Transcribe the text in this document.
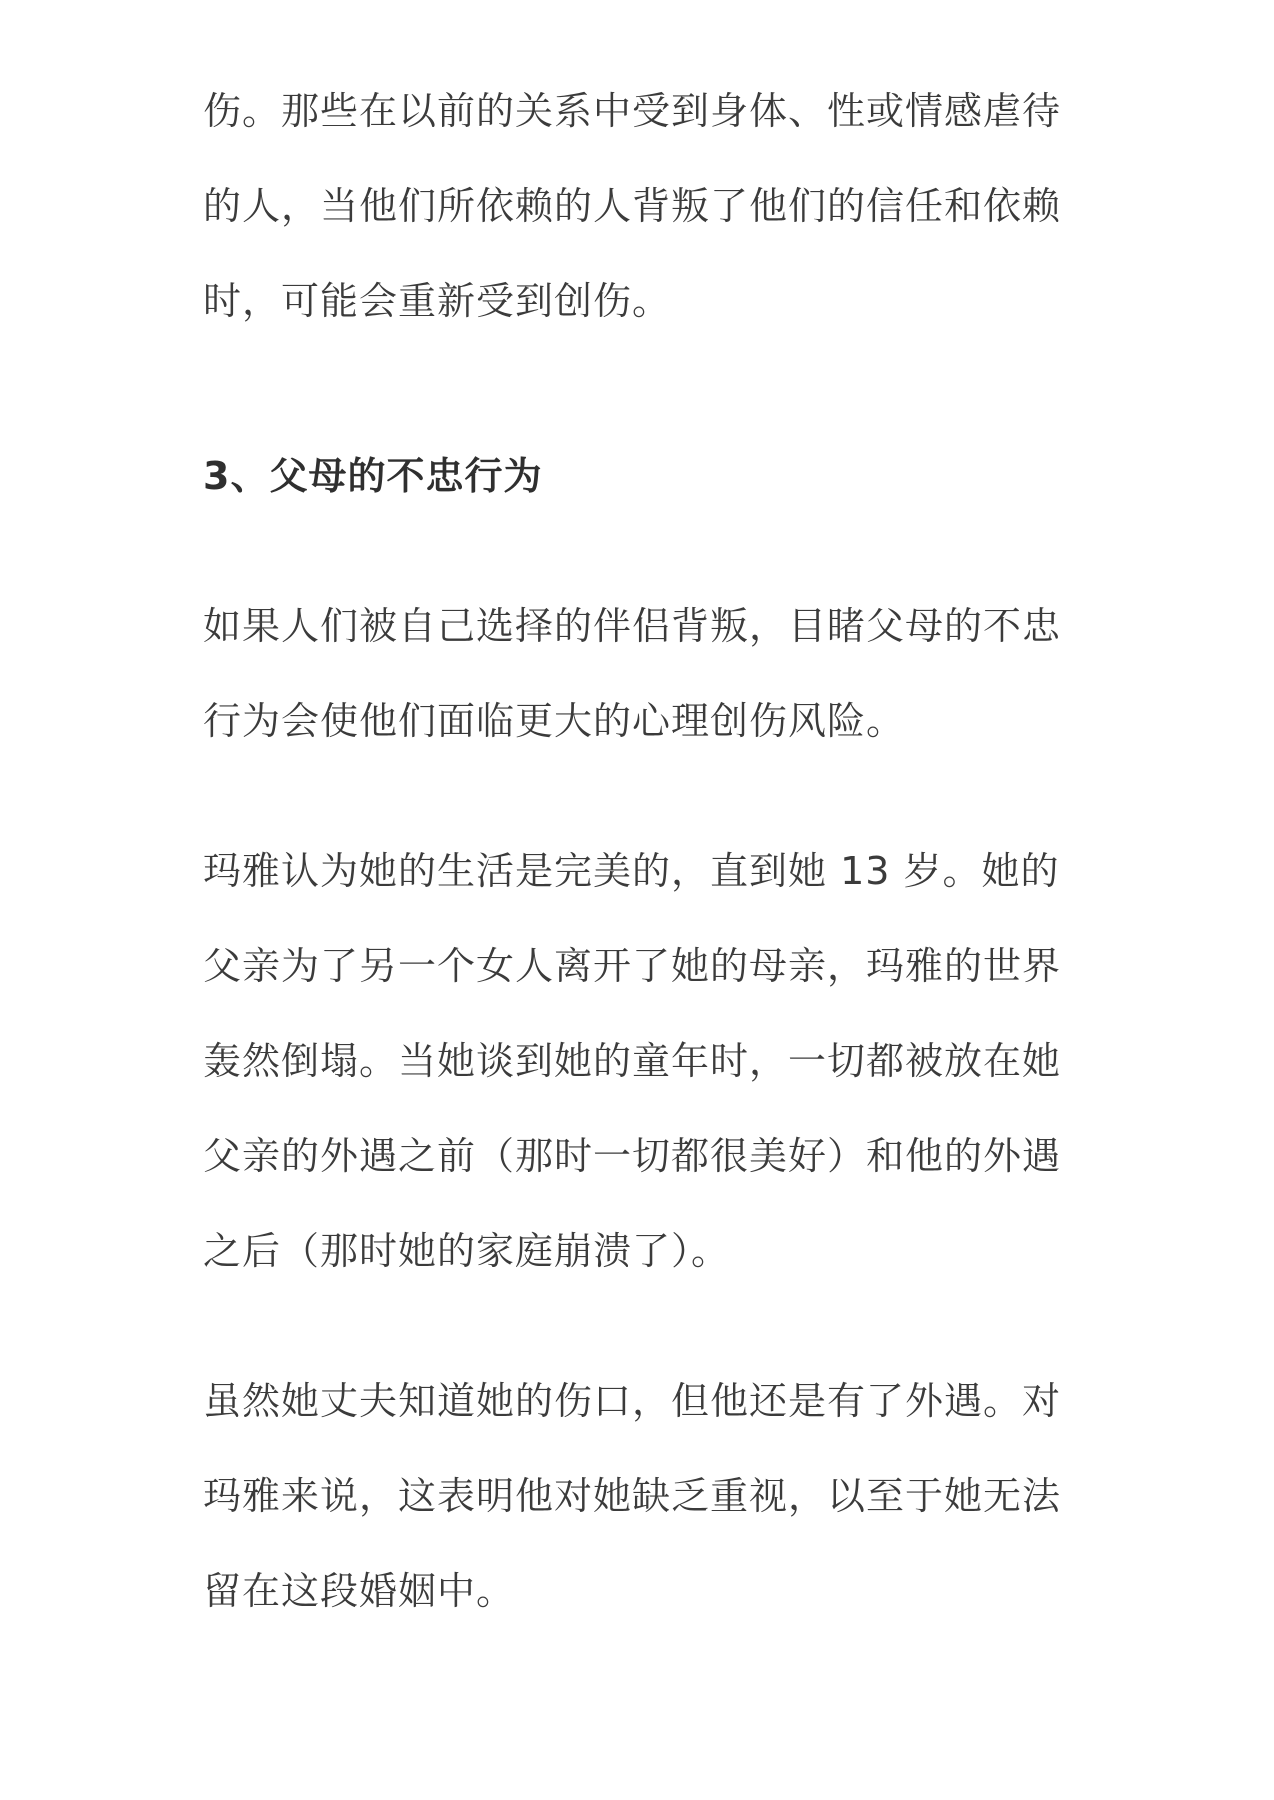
伤。那些在以前的关系中受到身体、性或情感虐待的人，当他们所依赖的人背叛了他们的信任和依赖时，可能会重新受到创伤。

3、父母的不忠行为

如果人们被自己选择的伴侣背叛，目睹父母的不忠行为会使他们面临更大的心理创伤风险。

玛雅认为她的生活是完美的，直到她 13 岁。她的父亲为了另一个女人离开了她的母亲，玛雅的世界轰然倒塌。当她谈到她的童年时，一切都被放在她父亲的外遇之前（那时一切都很美好）和他的外遇之后（那时她的家庭崩溃了）。

虽然她丈夫知道她的伤口，但他还是有了外遇。对玛雅来说，这表明他对她缺乏重视，以至于她无法留在这段婚姻中。
